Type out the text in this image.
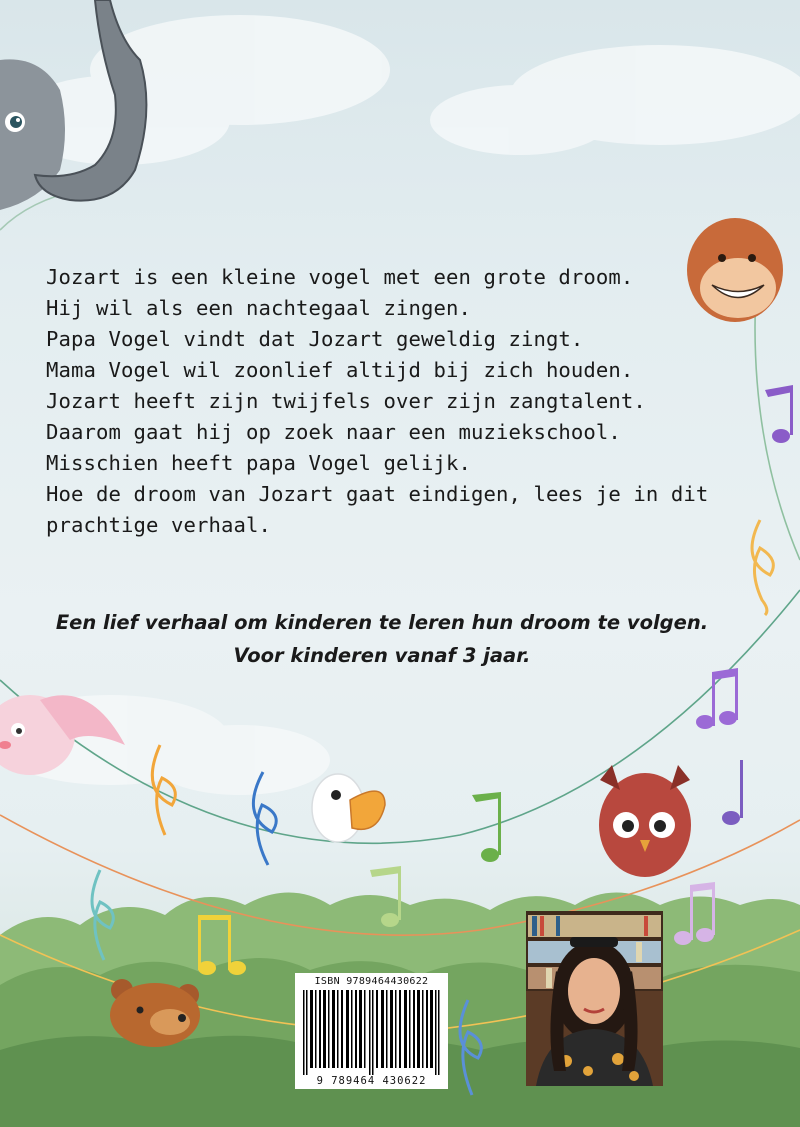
Jozart is een kleine vogel met een grote droom.
Hij wil als een nachtegaal zingen.
Papa Vogel vindt dat Jozart geweldig zingt.
Mama Vogel wil zoonlief altijd bij zich houden.
Jozart heeft zijn twijfels over zijn zangtalent.
Daarom gaat hij op zoek naar een muziekschool.
Misschien heeft papa Vogel gelijk.
Hoe de droom van Jozart gaat eindigen, lees je in dit
prachtige verhaal.
Een lief verhaal om kinderen te leren hun droom te volgen.
Voor kinderen vanaf 3 jaar.
ISBN 9789464430622
9 789464 430622
